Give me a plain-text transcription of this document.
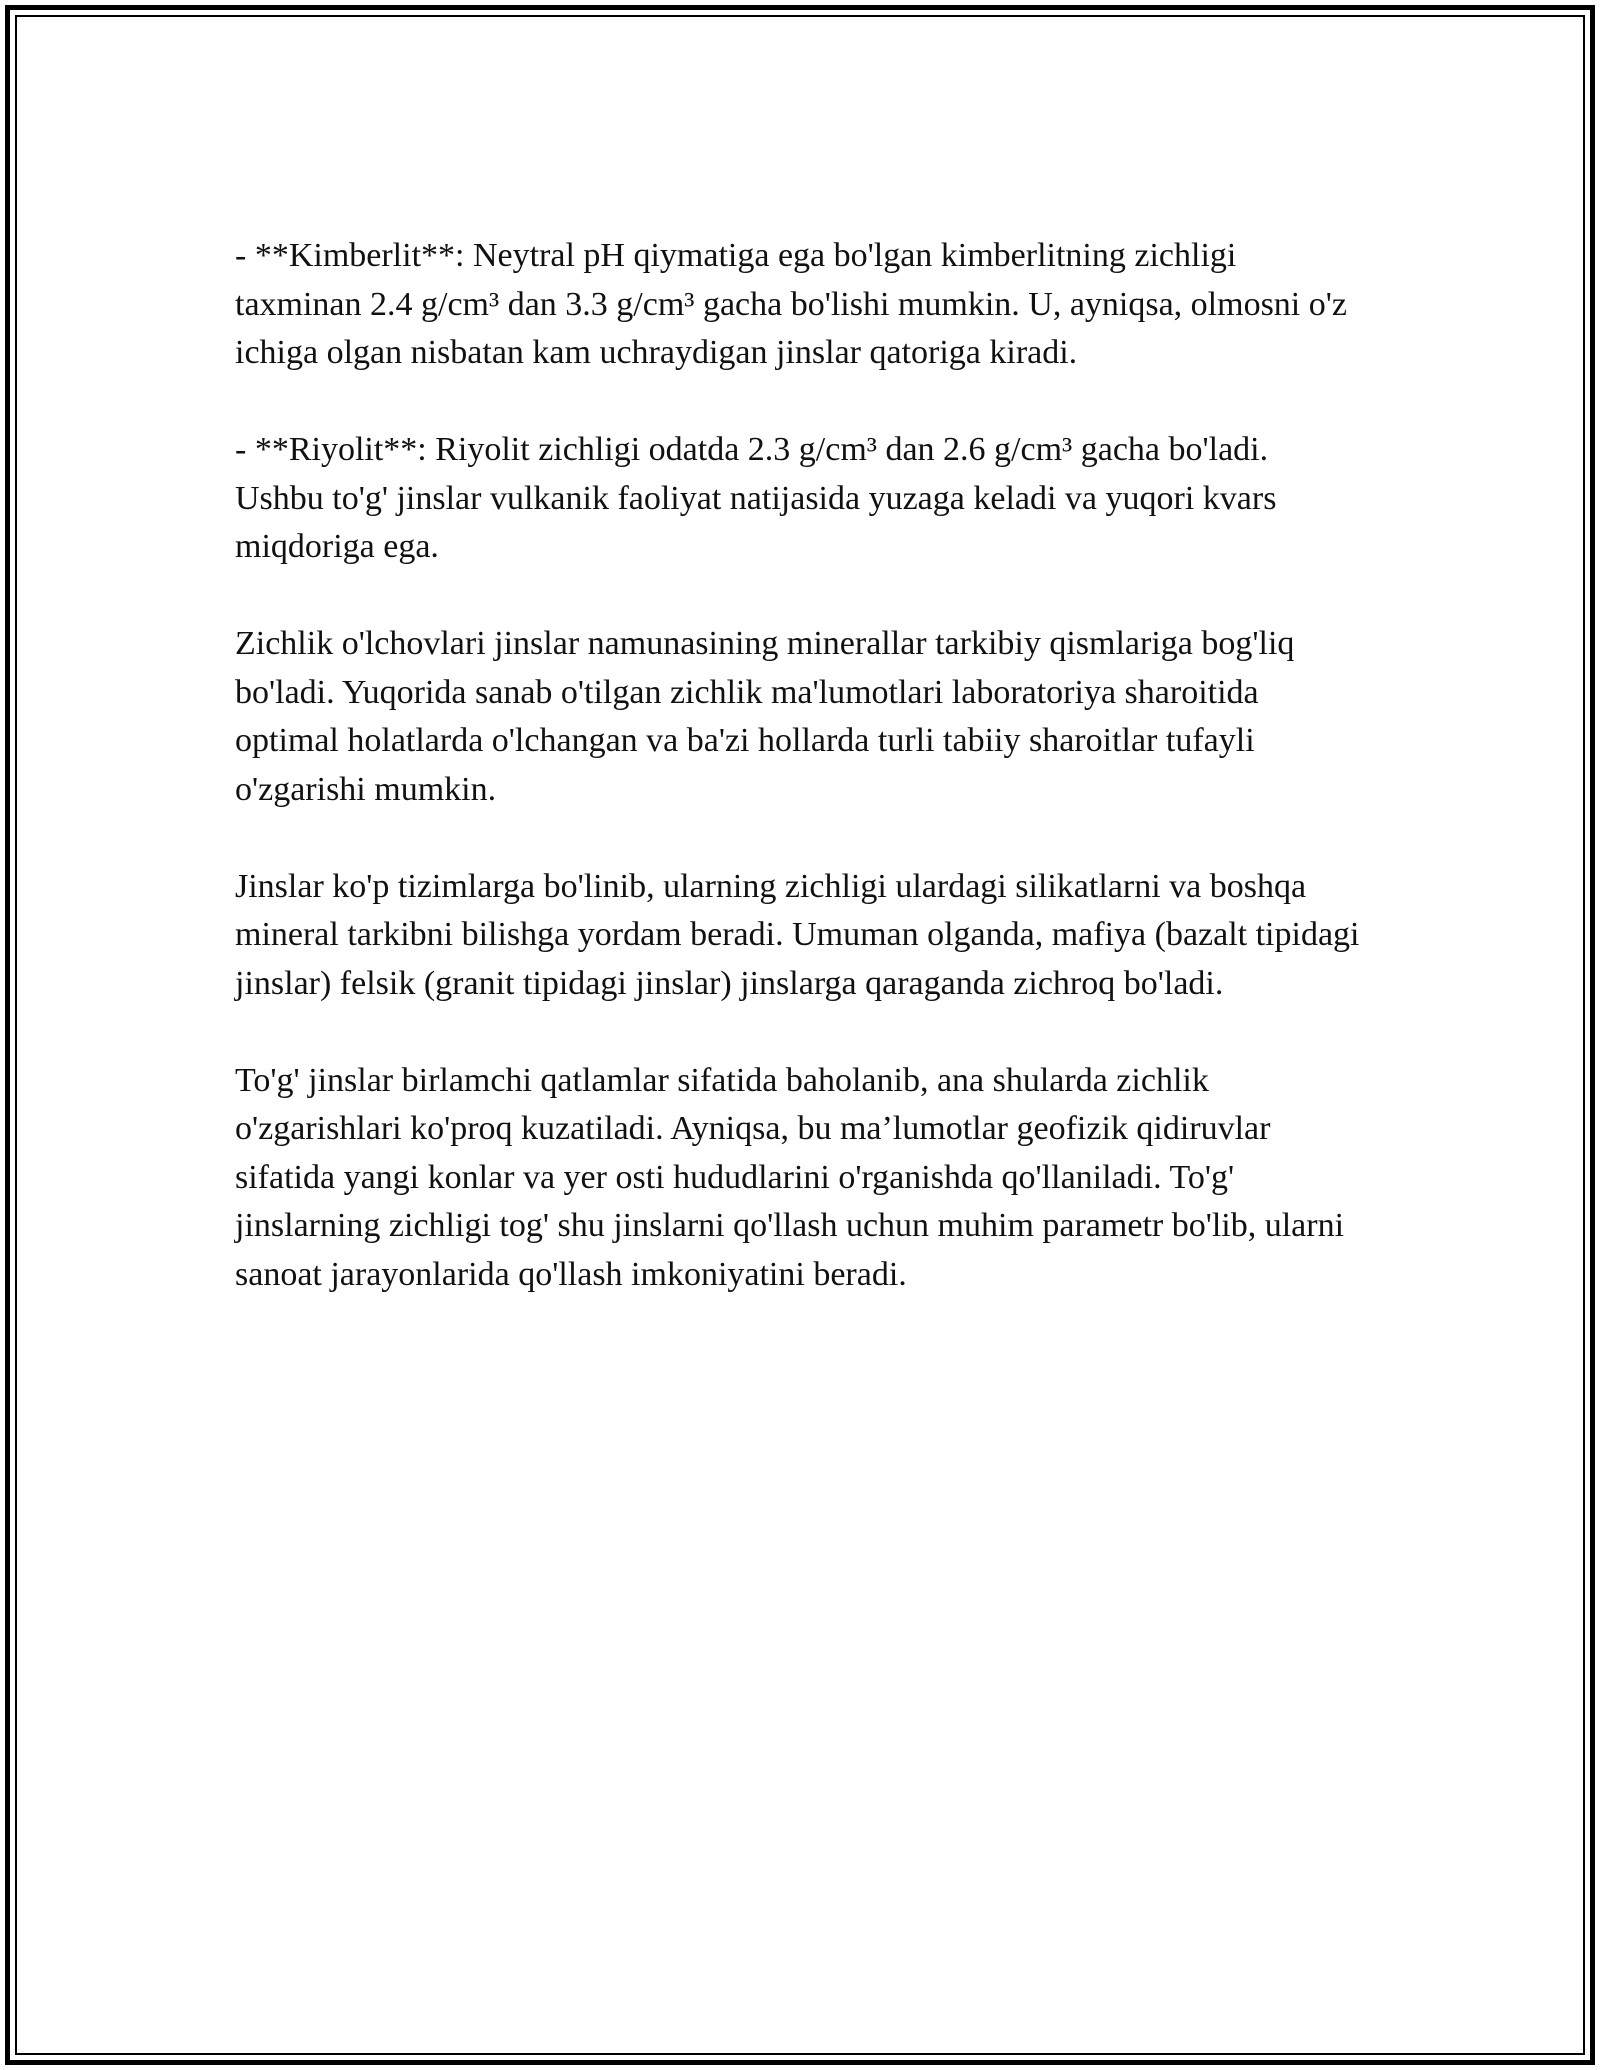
- **Kimberlit**: Neytral pH qiymatiga ega bo'lgan kimberlitning zichligi taxminan 2.4 g/cm³ dan 3.3 g/cm³ gacha bo'lishi mumkin. U, ayniqsa, olmosni o'z ichiga olgan nisbatan kam uchraydigan jinslar qatoriga kiradi.

- **Riyolit**: Riyolit zichligi odatda 2.3 g/cm³ dan 2.6 g/cm³ gacha bo'ladi. Ushbu to'g' jinslar vulkanik faoliyat natijasida yuzaga keladi va yuqori kvars miqdoriga ega.

Zichlik o'lchovlari jinslar namunasining minerallar tarkibiy qismlariga bog'liq bo'ladi. Yuqorida sanab o'tilgan zichlik ma'lumotlari laboratoriya sharoitida optimal holatlarda o'lchangan va ba'zi hollarda turli tabiiy sharoitlar tufayli o'zgarishi mumkin.

Jinslar ko'p tizimlarga bo'linib, ularning zichligi ulardagi silikatlarni va boshqa mineral tarkibni bilishga yordam beradi. Umuman olganda, mafiya (bazalt tipidagi jinslar) felsik (granit tipidagi jinslar) jinslarga qaraganda zichroq bo'ladi.

To'g' jinslar birlamchi qatlamlar sifatida baholanib, ana shularda zichlik o'zgarishlari ko'proq kuzatiladi. Ayniqsa, bu ma’lumotlar geofizik qidiruvlar sifatida yangi konlar va yer osti hududlarini o'rganishda qo'llaniladi. To'g' jinslarning zichligi tog' shu jinslarni qo'llash uchun muhim parametr bo'lib, ularni sanoat jarayonlarida qo'llash imkoniyatini beradi.
